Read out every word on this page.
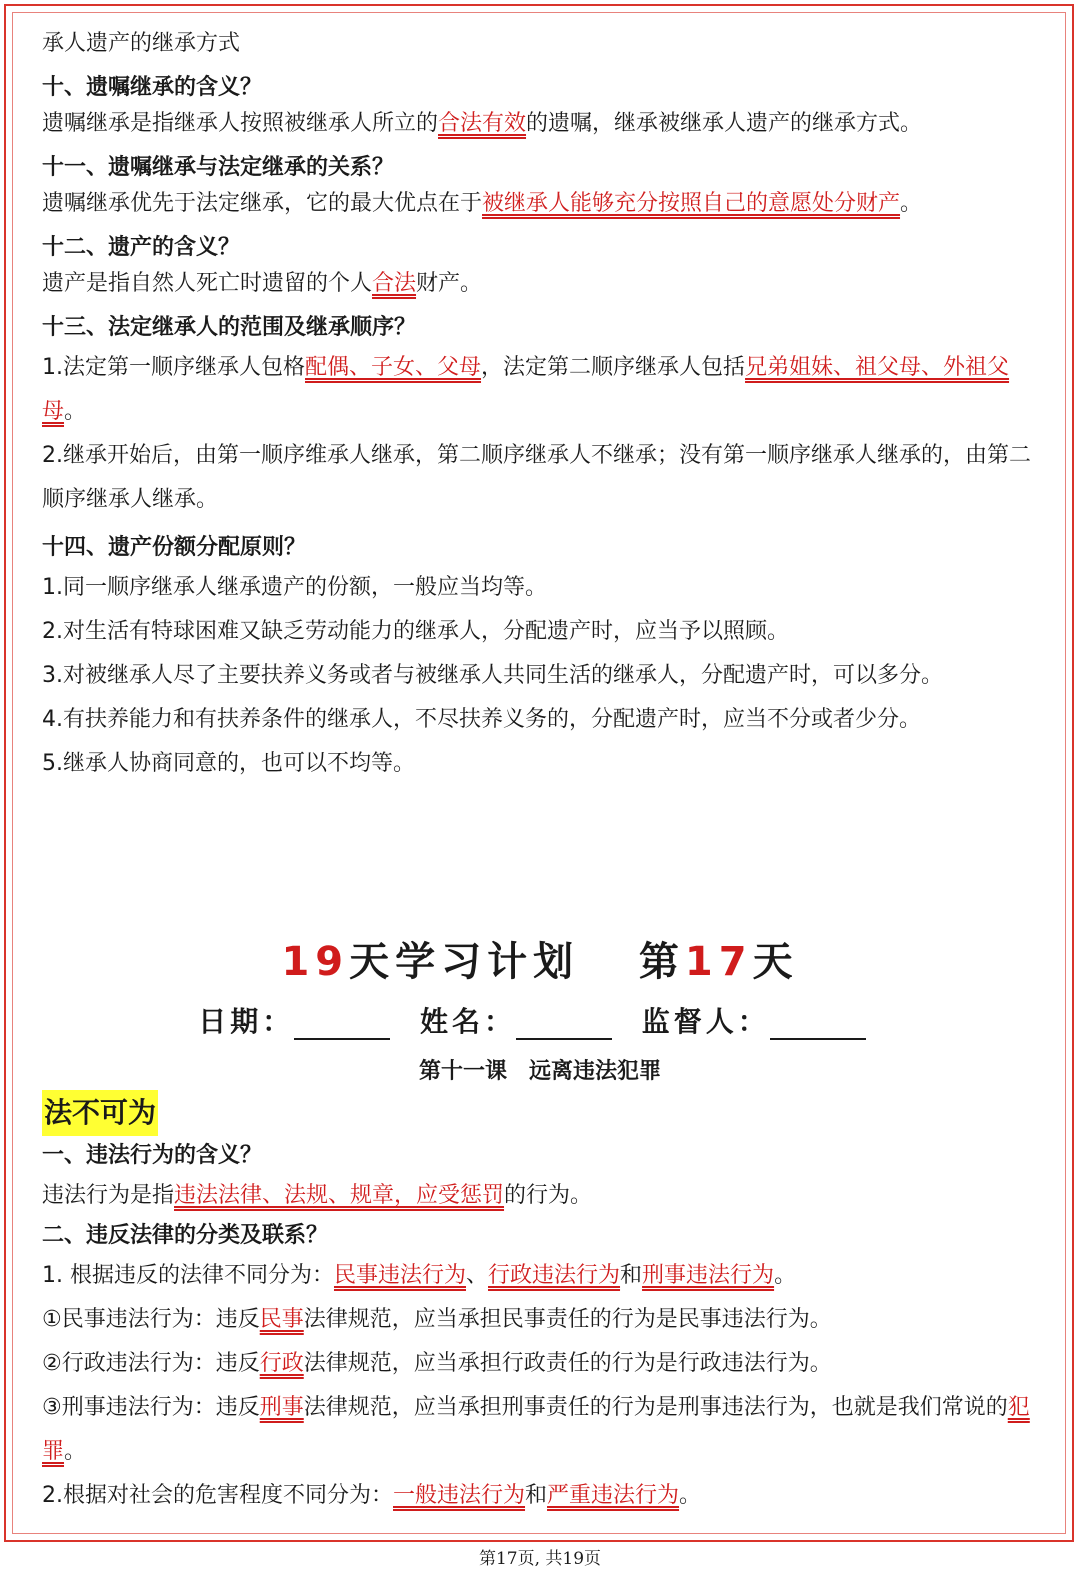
承人遗产的继承方式

十、遗嘱继承的含义？

遗嘱继承是指继承人按照被继承人所立的合法有效的遗嘱，继承被继承人遗产的继承方式。

十一、遗嘱继承与法定继承的关系？

遗嘱继承优先于法定继承，它的最大优点在于被继承人能够充分按照自己的意愿处分财产。

十二、遗产的含义？

遗产是指自然人死亡时遗留的个人合法财产。

十三、法定继承人的范围及继承顺序？

1.法定第一顺序继承人包格配偶、子女、父母，法定第二顺序继承人包括兄弟姐妹、祖父母、外祖父母。

2.继承开始后，由第一顺序维承人继承，第二顺序继承人不继承；没有第一顺序继承人继承的，由第二顺序继承人继承。

十四、遗产份额分配原则？

1.同一顺序继承人继承遗产的份额，一般应当均等。

2.对生活有特球困难又缺乏劳动能力的继承人，分配遗产时，应当予以照顾。

3.对被继承人尽了主要扶养义务或者与被继承人共同生活的继承人，分配遗产时，可以多分。

4.有扶养能力和有扶养条件的继承人，不尽扶养义务的，分配遗产时，应当不分或者少分。

5.继承人协商同意的，也可以不均等。

19天学习计划 第17天
日期：	姓名：	监督人：
第十一课　远离违法犯罪
法不可为

一、违法行为的含义？

违法行为是指违法法律、法规、规章，应受惩罚的行为。

二、违反法律的分类及联系？

1. 根据违反的法律不同分为：民事违法行为、行政违法行为和刑事违法行为。

①民事违法行为：违反民事法律规范，应当承担民事责任的行为是民事违法行为。

②行政违法行为：违反行政法律规范，应当承担行政责任的行为是行政违法行为。

③刑事违法行为：违反刑事法律规范，应当承担刑事责任的行为是刑事违法行为，也就是我们常说的犯罪。

2.根据对社会的危害程度不同分为：一般违法行为和严重违法行为。

第17页, 共19页
